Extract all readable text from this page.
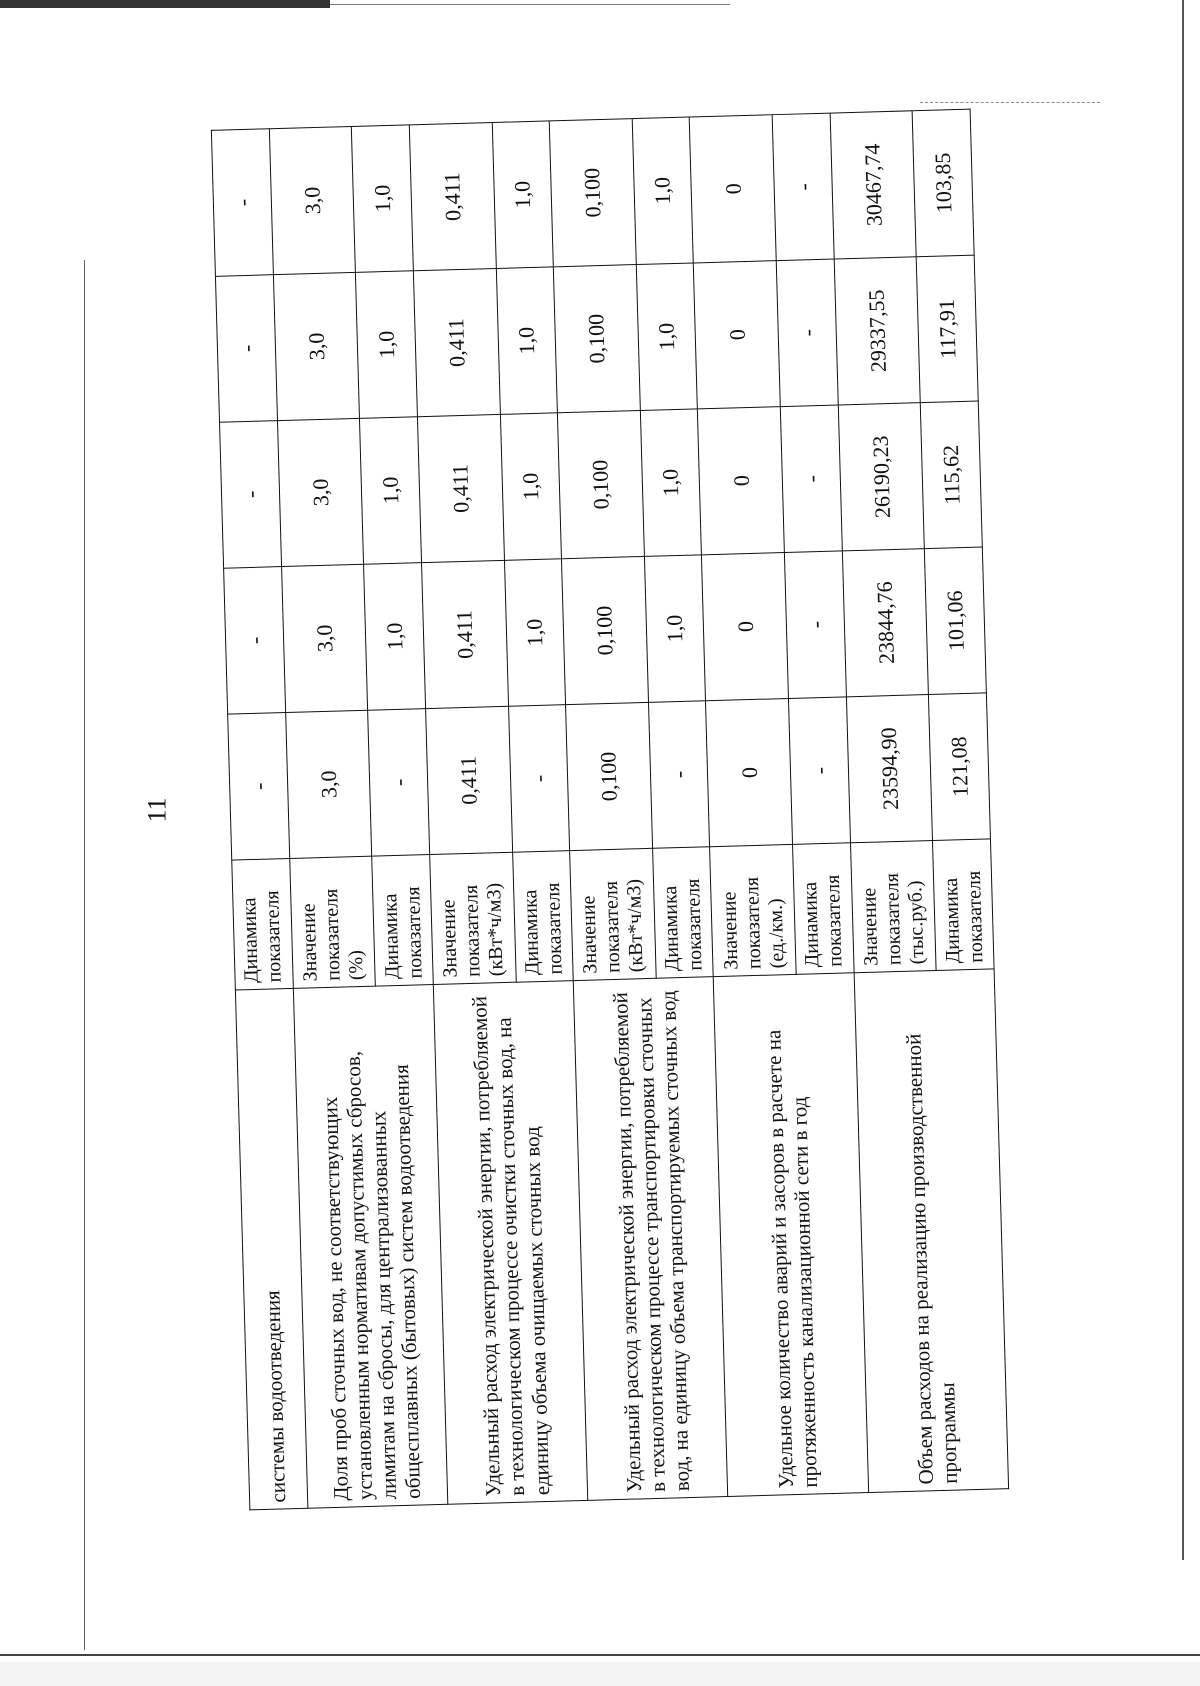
11
системы водоотведения	Динамика показателя	-	-	-	-	-
Доля проб сточных вод, не соответствующих установленным нормативам допустимых сбросов, лимитам на сбросы, для централизованных общесплавных (бытовых) систем водоотведения	Значение показателя (%)	3,0	3,0	3,0	3,0	3,0
	Динамика показателя	-	1,0	1,0	1,0	1,0
Удельный расход электрической энергии, потребляемой в технологическом процессе очистки сточных вод, на единицу объема очищаемых сточных вод	Значение показателя (кВт*ч/м3)	0,411	0,411	0,411	0,411	0,411
	Динамика показателя	-	1,0	1,0	1,0	1,0
Удельный расход электрической энергии, потребляемой в технологическом процессе транспортировки сточных вод, на единицу объема транспортируемых сточных вод	Значение показателя (кВт*ч/м3)	0,100	0,100	0,100	0,100	0,100
	Динамика показателя	-	1,0	1,0	1,0	1,0
Удельное количество аварий и засоров в расчете на протяженность канализационной сети в год	Значение показателя (ед./км.)	0	0	0	0	0
	Динамика показателя	-	-	-	-	-
Объем расходов на реализацию производственной программы	Значение показателя (тыс.руб.)	23594,90	23844,76	26190,23	29337,55	30467,74
	Динамика показателя	121,08	101,06	115,62	117,91	103,85
